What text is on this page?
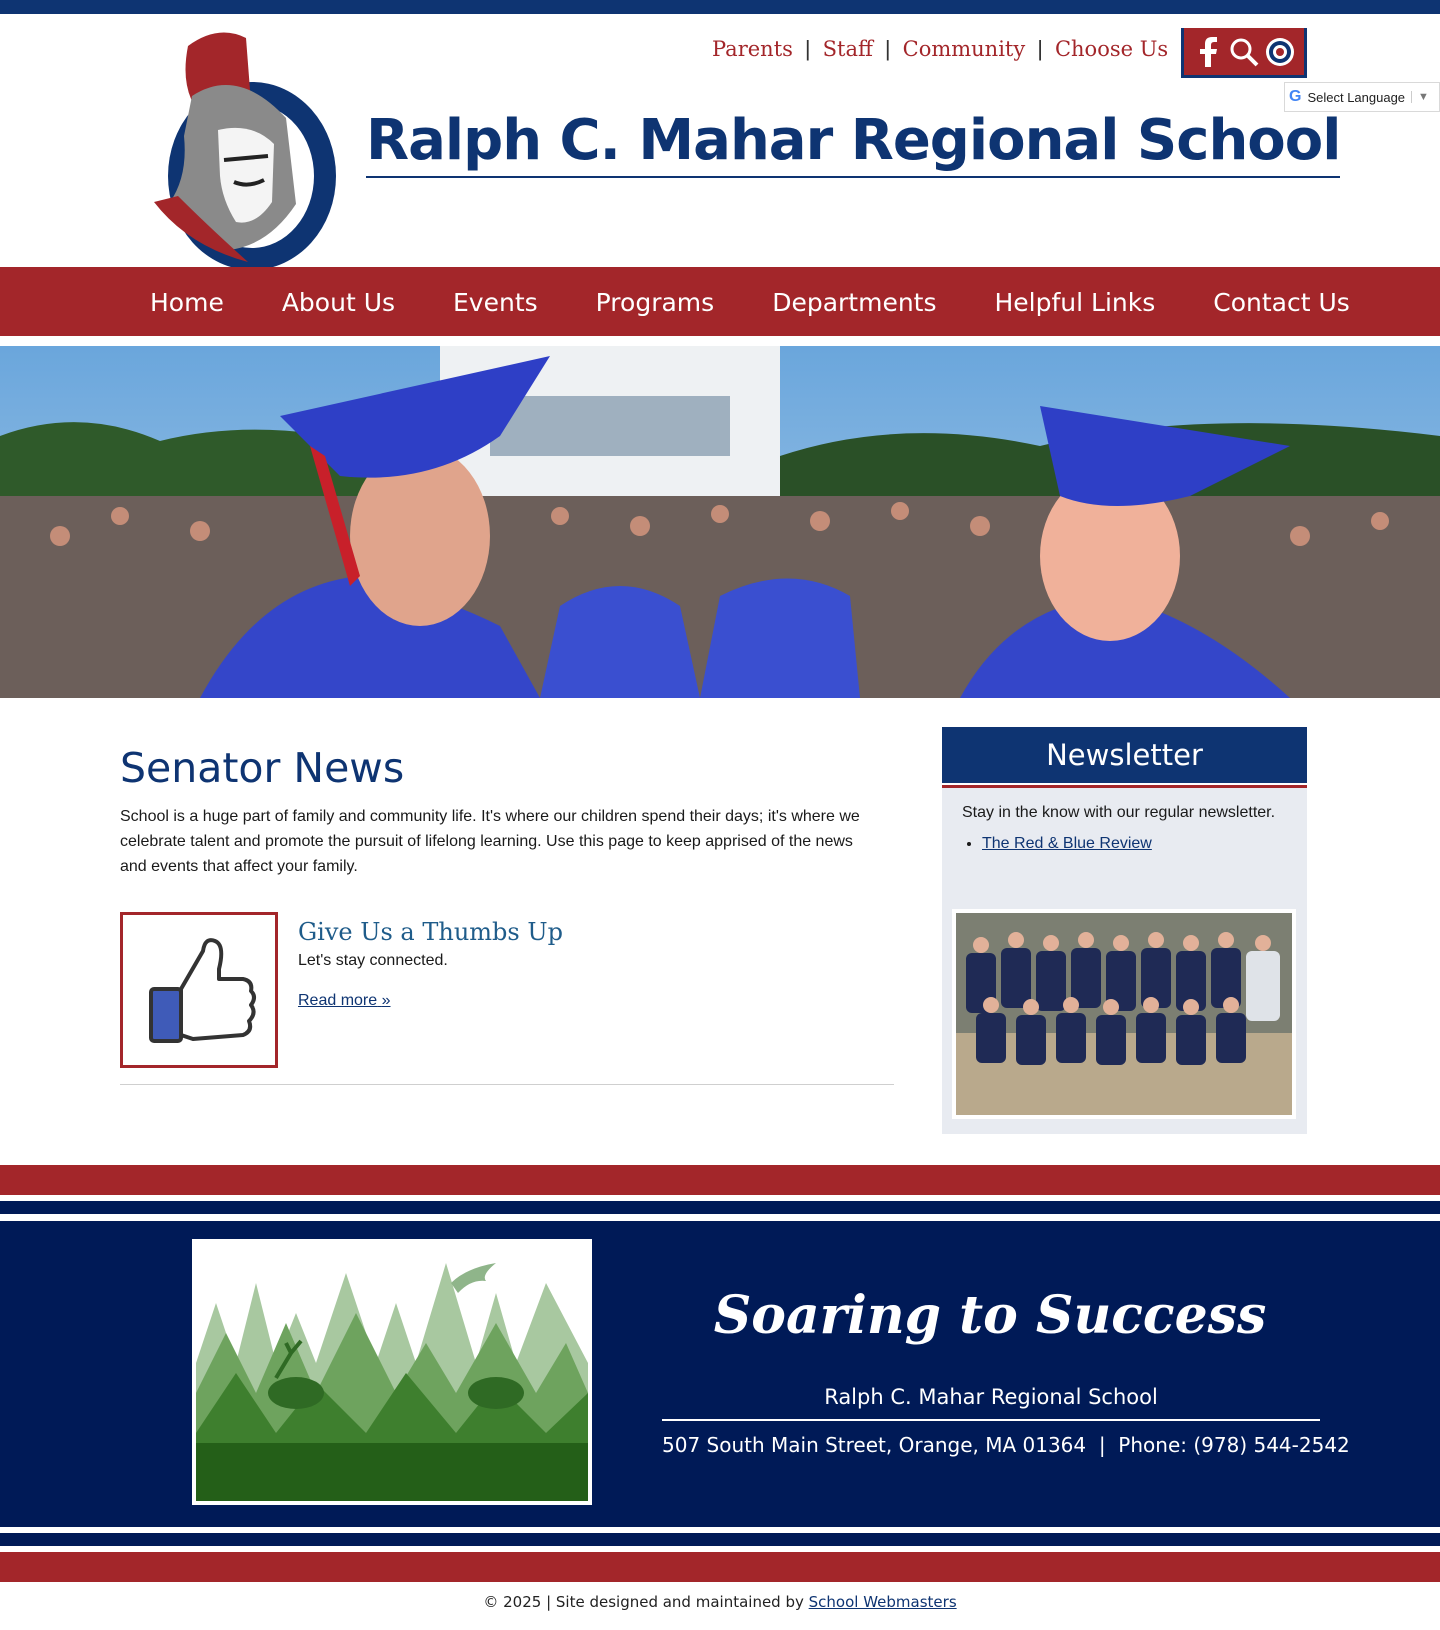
Parents | Staff | Community | Choose Us
G Select Language	▼
Ralph C. Mahar Regional School
Home About Us Events Programs Departments Helpful Links Contact Us
Senator News

School is a huge part of family and community life. It's where our children spend their days; it's where we celebrate talent and promote the pursuit of lifelong learning. Use this page to keep apprised of the news and events that affect your family.

Give Us a Thumbs Up
Let's stay connected.
Read more »
Newsletter

Stay in the know with our regular newsletter.

• The Red & Blue Review
Soaring to Success
Ralph C. Mahar Regional School
507 South Main Street, Orange, MA 01364  |  Phone: (978) 544-2542
© 2025 | Site designed and maintained by School Webmasters
